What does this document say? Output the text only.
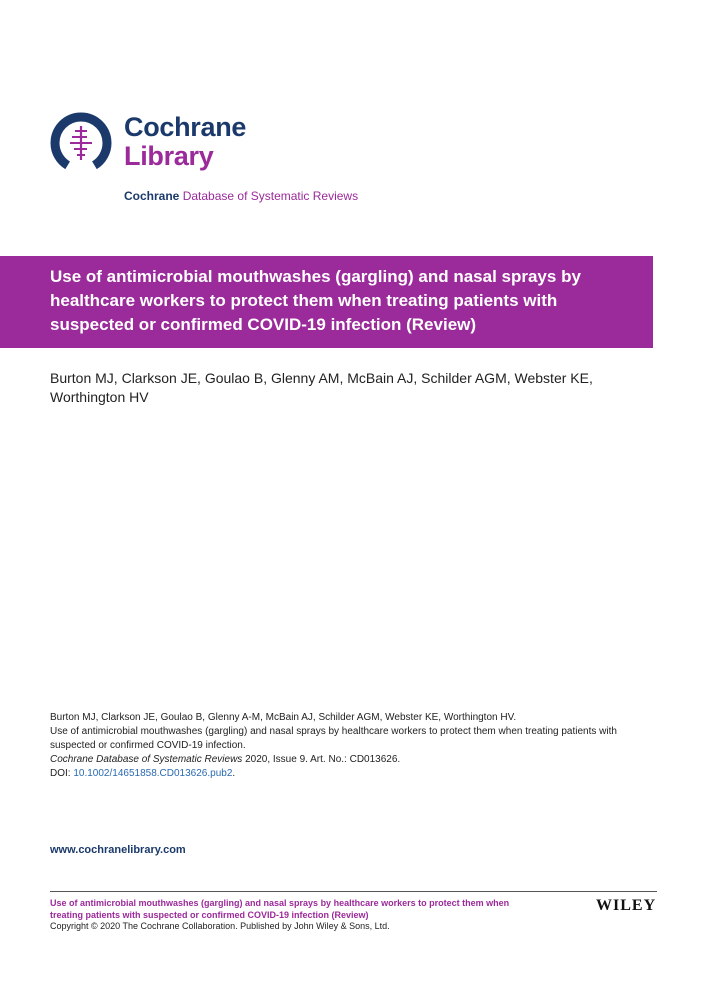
Cochrane
Library
Cochrane Database of Systematic Reviews
Use of antimicrobial mouthwashes (gargling) and nasal sprays by healthcare workers to protect them when treating patients with suspected or confirmed COVID-19 infection (Review)
Burton MJ, Clarkson JE, Goulao B, Glenny AM, McBain AJ, Schilder AGM, Webster KE, Worthington HV
Burton MJ, Clarkson JE, Goulao B, Glenny A-M, McBain AJ, Schilder AGM, Webster KE, Worthington HV.
Use of antimicrobial mouthwashes (gargling) and nasal sprays by healthcare workers to protect them when treating patients with suspected or confirmed COVID-19 infection.
Cochrane Database of Systematic Reviews 2020, Issue 9. Art. No.: CD013626.
DOI: 10.1002/14651858.CD013626.pub2.
www.cochranelibrary.com
Use of antimicrobial mouthwashes (gargling) and nasal sprays by healthcare workers to protect them when treating patients with suspected or confirmed COVID-19 infection (Review)
WILEY
Copyright © 2020 The Cochrane Collaboration. Published by John Wiley & Sons, Ltd.
